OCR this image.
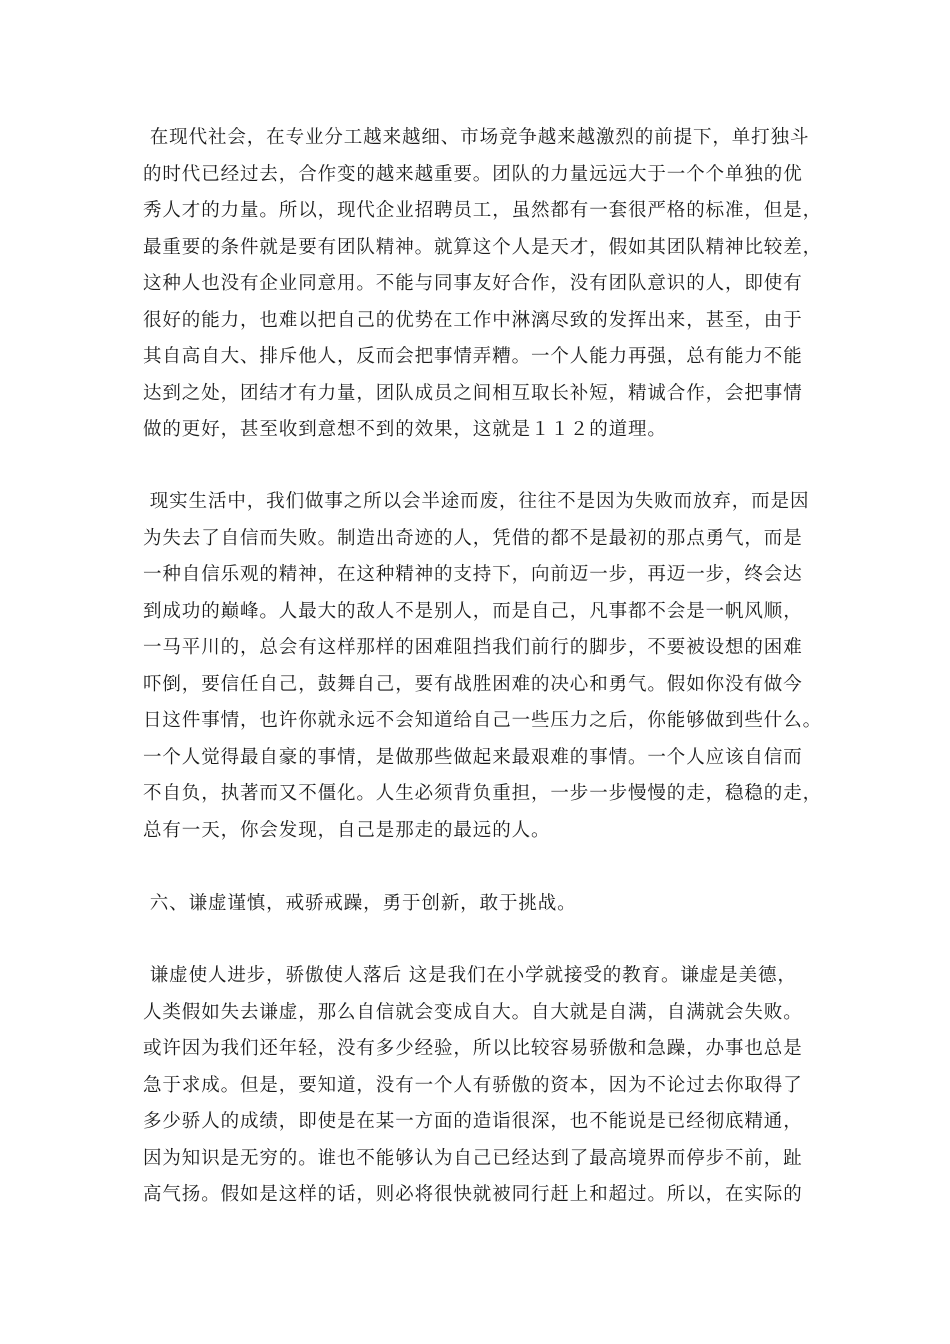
在现代社会，在专业分工越来越细、市场竞争越来越激烈的前提下，单打独斗
的时代已经过去，合作变的越来越重要。团队的力量远远大于一个个单独的优
秀人才的力量。所以，现代企业招聘员工，虽然都有一套很严格的标准，但是，
最重要的条件就是要有团队精神。就算这个人是天才，假如其团队精神比较差，
这种人也没有企业同意用。不能与同事友好合作，没有团队意识的人，即使有
很好的能力，也难以把自己的优势在工作中淋漓尽致的发挥出来，甚至，由于
其自高自大、排斥他人，反而会把事情弄糟。一个人能力再强，总有能力不能
达到之处，团结才有力量，团队成员之间相互取长补短，精诚合作，会把事情
做的更好，甚至收到意想不到的效果，这就是１１２的道理。
现实生活中，我们做事之所以会半途而废，往往不是因为失败而放弃，而是因
为失去了自信而失败。制造出奇迹的人，凭借的都不是最初的那点勇气，而是
一种自信乐观的精神，在这种精神的支持下，向前迈一步，再迈一步，终会达
到成功的巅峰。人最大的敌人不是别人，而是自己，凡事都不会是一帆风顺，
一马平川的，总会有这样那样的困难阻挡我们前行的脚步，不要被设想的困难
吓倒，要信任自己，鼓舞自己，要有战胜困难的决心和勇气。假如你没有做今
日这件事情，也许你就永远不会知道给自己一些压力之后，你能够做到些什么。
一个人觉得最自豪的事情，是做那些做起来最艰难的事情。一个人应该自信而
不自负，执著而又不僵化。人生必须背负重担，一步一步慢慢的走，稳稳的走，
总有一天，你会发现，自己是那走的最远的人。
六、谦虚谨慎，戒骄戒躁，勇于创新，敢于挑战。
谦虚使人进步，骄傲使人落后 这是我们在小学就接受的教育。谦虚是美德，
人类假如失去谦虚，那么自信就会变成自大。自大就是自满，自满就会失败。
或许因为我们还年轻，没有多少经验，所以比较容易骄傲和急躁，办事也总是
急于求成。但是，要知道，没有一个人有骄傲的资本，因为不论过去你取得了
多少骄人的成绩，即使是在某一方面的造诣很深，也不能说是已经彻底精通，
因为知识是无穷的。谁也不能够认为自己已经达到了最高境界而停步不前，趾
高气扬。假如是这样的话，则必将很快就被同行赶上和超过。所以，在实际的
